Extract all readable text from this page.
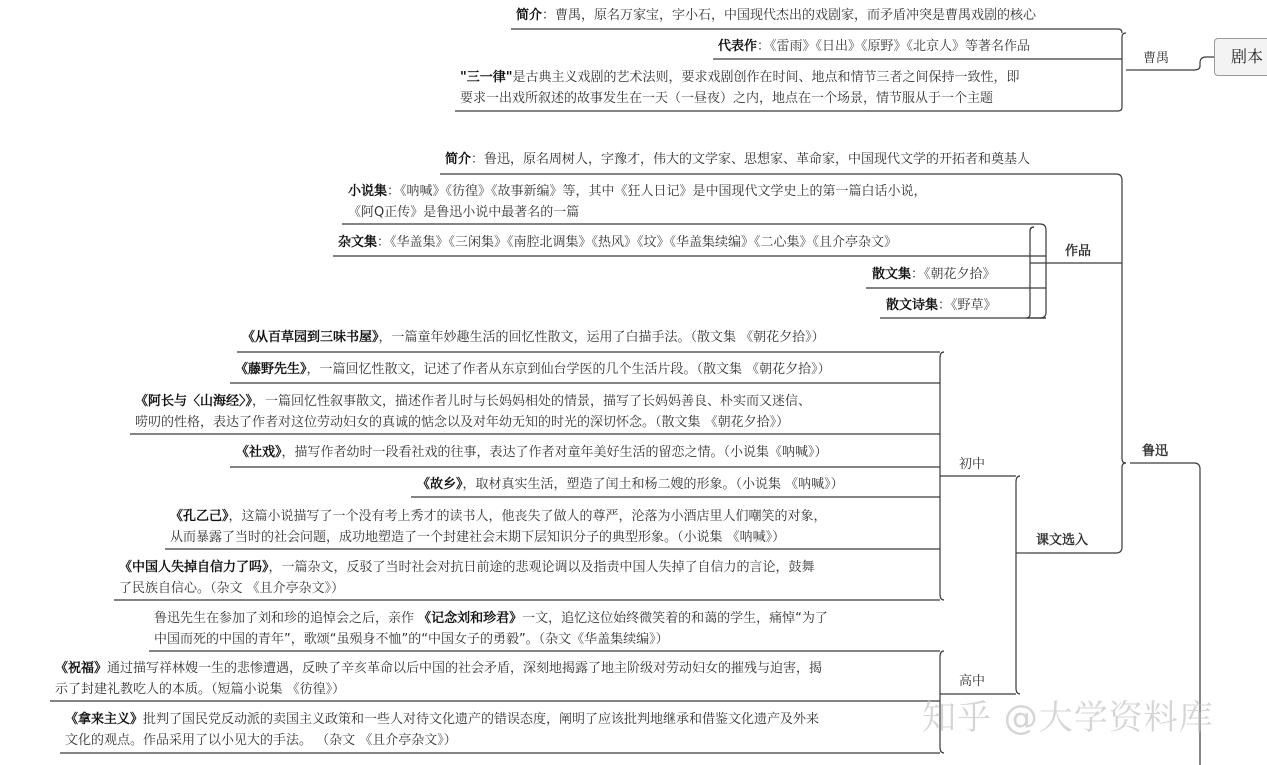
剧本
曹禺
简介：曹禺，原名万家宝，字小石，中国现代杰出的戏剧家，而矛盾冲突是曹禺戏剧的核心
代表作：《雷雨》《日出》《原野》《北京人》等著名作品
"三一律"是古典主义戏剧的艺术法则，要求戏剧创作在时间、地点和情节三者之间保持一致性，即
要求一出戏所叙述的故事发生在一天（一昼夜）之内，地点在一个场景，情节服从于一个主题
鲁迅
简介：鲁迅，原名周树人，字豫才，伟大的文学家、思想家、革命家，中国现代文学的开拓者和奠基人
作品
小说集：《呐喊》《彷徨》《故事新编》等，其中《狂人日记》是中国现代文学史上的第一篇白话小说，
《阿Q正传》是鲁迅小说中最著名的一篇
杂文集：《华盖集》《三闲集》《南腔北调集》《热风》《坟》《华盖集续编》《二心集》《且介亭杂文》
散文集：《朝花夕拾》
散文诗集：《野草》
课文选入
初中
高中
《从百草园到三味书屋》，一篇童年妙趣生活的回忆性散文，运用了白描手法。（散文集 《朝花夕拾》）
《藤野先生》，一篇回忆性散文，记述了作者从东京到仙台学医的几个生活片段。（散文集 《朝花夕拾》）
《阿长与〈山海经〉》，一篇回忆性叙事散文，描述作者儿时与长妈妈相处的情景，描写了长妈妈善良、朴实而又迷信、
唠叨的性格，表达了作者对这位劳动妇女的真诚的惦念以及对年幼无知的时光的深切怀念。（散文集 《朝花夕拾》）
《社戏》，描写作者幼时一段看社戏的往事，表达了作者对童年美好生活的留恋之情。（小说集《呐喊》）
《故乡》，取材真实生活，塑造了闰土和杨二嫂的形象。（小说集 《呐喊》）
《孔乙己》，这篇小说描写了一个没有考上秀才的读书人，他丧失了做人的尊严，沦落为小酒店里人们嘲笑的对象，
从而暴露了当时的社会问题，成功地塑造了一个封建社会末期下层知识分子的典型形象。（小说集 《呐喊》）
《中国人失掉自信力了吗》，一篇杂文，反驳了当时社会对抗日前途的悲观论调以及指责中国人失掉了自信力的言论，鼓舞
了民族自信心。（杂文 《且介亭杂文》）
鲁迅先生在参加了刘和珍的追悼会之后，亲作 《记念刘和珍君》一文，追忆这位始终微笑着的和蔼的学生，痛悼“为了
中国而死的中国的青年”，歌颂“虽殒身不恤”的“中国女子的勇毅”。（杂文《华盖集续编》）
《祝福》通过描写祥林嫂一生的悲惨遭遇，反映了辛亥革命以后中国的社会矛盾，深刻地揭露了地主阶级对劳动妇女的摧残与迫害，揭
示了封建礼教吃人的本质。（短篇小说集 《彷徨》）
《拿来主义》批判了国民党反动派的卖国主义政策和一些人对待文化遗产的错误态度，阐明了应该批判地继承和借鉴文化遗产及外来
文化的观点。作品采用了以小见大的手法。 （杂文 《且介亭杂文》）
知乎 @大学资料库
